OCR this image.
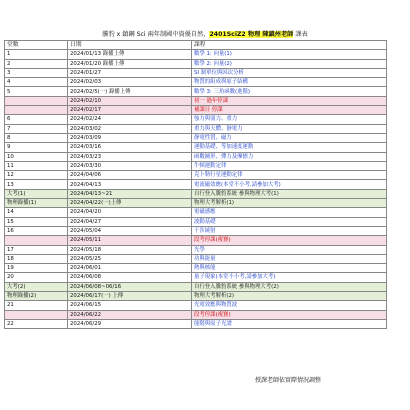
騰豹 x 鎮鋼 Sci 兩年制國中資優自然，2401SciZ2 物理 陳鎮州老師 課表
堂數	日期	課程
1	2024/01/13 錄播上傳	數學 1: 向量(1)
2	2024/01/20 錄播上傳	數學 2: 向量(2)
3	2024/01/27	SI 制單位與因次分析
4	2024/02/03	物質的組成與原子結構
5	2024/02/5(一) 錄播上傳	數學 3: 三角函數(進階)
	2024/02/10	初一 過年停課
	2024/02/17	補課日 停課
6	2024/02/24	強力與弱力、重力
7	2024/03/02	重力與天體、靜電力
8	2024/03/09	靜電性質、磁力
9	2024/03/16	運動基礎、等加速度運動
10	2024/03/23	函數圖形、彈力及摩擦力
11	2024/03/30	牛頓運動定律
12	2024/04/06	克卜勒行星運動定律
13	2024/04/13	電流磁效應(本堂不小考,請參加大考)
大考(1)	2024/04/13~21	自行登入騰豹系統 參與物理大考(1)
物理錄播(1)	2024/04/22(一)上傳	物理大考解析(1)
14	2024/04/20	電磁感應
15	2024/04/27	波動基礎
16	2024/05/04	干涉繞射
	2024/05/11	段考停課(複賽)
17	2024/05/18	光學
18	2024/05/25	功與能量
19	2024/06/01	熱與核能
20	2024/06/08	量子現象(本堂不小考,請參加大考)
大考(2)	2024/06/08~06/16	自行登入騰豹系統 參與物理大考(2)
物理錄播(2)	2024/06/17(一) 上傳	物理大考解析(2)
21	2024/06/15	光電效應與物質波
	2024/06/22	段考停課(複賽)
22	2024/06/29	能階與原子光譜
授課老師依實際情況調整
